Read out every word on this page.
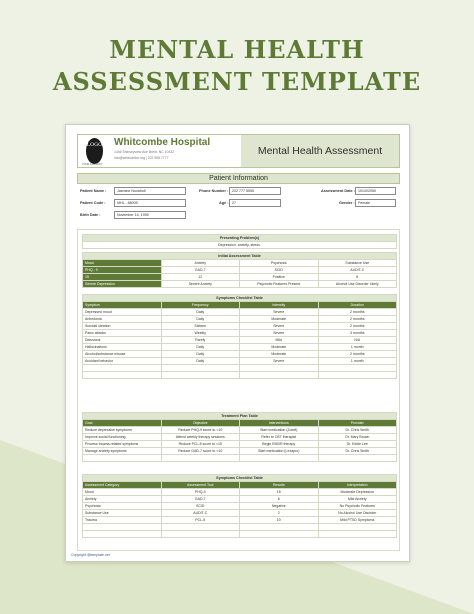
MENTAL HEALTH
ASSESSMENT TEMPLATE
LOGO
YOUR COMPANY
Whitcombe Hospital
1446 Shinseyview Ave Brent, NC 10432
info@whitcombe.org | 222 555 7777
Mental Health Assessment
Patient Information
Patient Name :	Jasmine Novaholt	Phone Number :	222 777 5555	Assessment Date : 10/10/2050
Patient Code :	MHL - 88005	Age : 27	Gender : Female
Birth Date :	November 14, 1995
Presenting Problem(s)
Depression, anxiety, stress.
Initial Assessment Table			
Mood	Anxiety	Psychosis	Substance Use
PHQ - 9	GAD-7	SCID	AUDIT-C
15	12	Positive	8
Severe Depression	Severe Anxiety	Psychotic Features Present	Alcohol Use Disorder Likely
Symptoms Checklist Table			
Symptom	Frequency	Intensity	Duration
Depressed mood	Daily	Severe	2 months
Anhedonia	Daily	Moderate	2 months
Suicidal ideation	Sixteen	Severe	2 months
Panic attacks	Weekly	Severe	3 months
Delusions	Rarely	Mild	N/A
Hallucinations	Daily	Moderate	1 month
Alcohol/substance misuse	Daily	Moderate	2 months
Avoidant behavior	Daily	Severe	1 month

Treatment Plan Table			
Goal	Objective	Interventions	Provider
Reduce depressive symptoms	Reduce PHQ-9 score to <10	Start medication (Zoloft)	Dr. Chris Smith
Improve social functioning	Attend weekly therapy sessions	Refer to CBT therapist	Dr. Mary Brown
Process trauma-related symptoms	Reduce PCL-5 score to <15	Begin EMDR therapy	Dr. Eddie Lee
Manage anxiety symptoms	Reduce GAD-7 score to <10	Start medication (Lexapro)	Dr. Chris Smith

Symptoms Checklist Table			
Assessment Category	Assessment Tool	Results	Interpretation
Mood	PHQ-9	15	Moderate Depression
Anxiety	GAD-7	6	Mild Anxiety
Psychosis	SCID	Negative	No Psychotic Features
Substance Use	AUDIT-C	2	No Alcohol Use Disorder
Trauma	PCL-5	10	Mild PTSD Symptoms

Copyright @template.net
